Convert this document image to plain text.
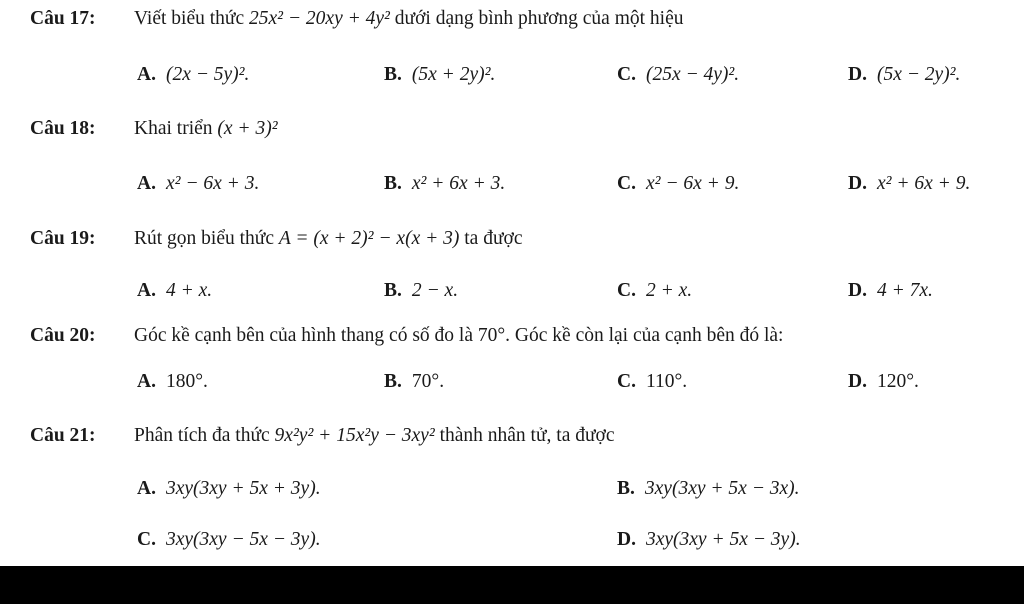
Câu 17: Viết biểu thức 25x² − 20xy + 4y² dưới dạng bình phương của một hiệu
A. (2x − 5y)².	B. (5x + 2y)².	C. (25x − 4y)².	D. (5x − 2y)².
Câu 18: Khai triển (x + 3)²
A. x² − 6x + 3.	B. x² + 6x + 3.	C. x² − 6x + 9.	D. x² + 6x + 9.
Câu 19: Rút gọn biểu thức A = (x + 2)² − x(x + 3) ta được
A. 4 + x.	B. 2 − x.	C. 2 + x.	D. 4 + 7x.
Câu 20: Góc kề cạnh bên của hình thang có số đo là 70°. Góc kề còn lại của cạnh bên đó là:
A. 180°.	B. 70°.	C. 110°.	D. 120°.
Câu 21: Phân tích đa thức 9x²y² + 15x²y − 3xy² thành nhân tử, ta được
A. 3xy(3xy + 5x + 3y).	B. 3xy(3xy + 5x − 3x).
C. 3xy(3xy − 5x − 3y).	D. 3xy(3xy + 5x − 3y).
